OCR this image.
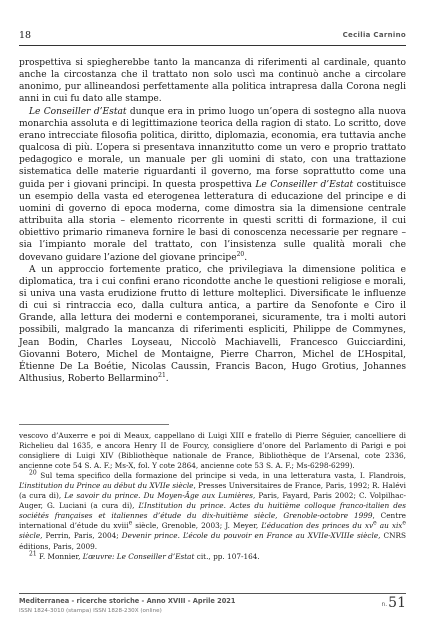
18	Cecilia Carnino

prospettiva si spiegherebbe tanto la mancanza di riferimenti al cardinale, quanto anche la circostanza che il trattato non solo uscì ma continuò anche a circolare anonimo, pur allineandosi perfettamente alla politica intrapresa dalla Corona negli anni in cui fu dato alle stampe.

Le Conseiller d’Estat dunque era in primo luogo un’opera di sostegno alla nuova monarchia assoluta e di legittimazione teorica della ragion di stato. Lo scritto, dove erano intrecciate filosofia politica, diritto, diplomazia, economia, era tuttavia anche qualcosa di più. L’opera si presentava innanzitutto come un vero e proprio trattato pedagogico e morale, un manuale per gli uomini di stato, con una trattazione sistematica delle materie riguardanti il governo, ma forse soprattutto come una guida per i giovani principi. In questa prospettiva Le Conseiller d’Estat costituisce un esempio della vasta ed eterogenea letteratura di educazione del principe e di uomini di governo di epoca moderna, come dimostra sia la dimensione centrale attribuita alla storia – elemento ricorrente in questi scritti di formazione, il cui obiettivo primario rimaneva fornire le basi di conoscenza necessarie per regnare – sia l’impianto morale del trattato, con l’insistenza sulle qualità morali che dovevano guidare l’azione del giovane principe$^{20}$.

A un approccio fortemente pratico, che privilegiava la dimensione politica e diplomatica, tra i cui confini erano ricondotte anche le questioni religiose e morali, si univa una vasta erudizione frutto di letture molteplici. Diversificate le influenze di cui si rintraccia eco, dalla cultura antica, a partire da Senofonte e Ciro il Grande, alla lettura dei moderni e contemporanei, sicuramente, tra i molti autori possibili, malgrado la mancanza di riferimenti espliciti, Philippe de Commynes, Jean Bodin, Charles Loyseau, Niccolò Machiavelli, Francesco Guicciardini, Giovanni Botero, Michel de Montaigne, Pierre Charron, Michel de L’Hospital, Étienne De La Boétie, Nicolas Caussin, Francis Bacon, Hugo Grotius, Johannes Althusius, Roberto Bellarmino$^{21}$.

vescovo d’Auxerre e poi di Meaux, cappellano di Luigi XIII e fratello di Pierre Séguier, cancelliere di Richelieu dal 1635, e ancora Henry II de Fourcy, consigliere d’onore del Parlamento di Parigi e poi consigliere di Luigi XIV (Bibliothèque nationale de France, Bibliothèque de l’Arsenal, cote 2336, ancienne cote 54 S. A. F.; Ms-X, fol. Y cote 2864, ancienne cote 53 S. A. F.; Ms-6298-6299).

$^{20}$ Sul tema specifico della formazione del principe si veda, in una letteratura vasta, I. Flandrois, L’institution du Prince au début du XVIIe siècle, Presses Universitaires de France, Paris, 1992; R. Halévi (a cura di), Le savoir du prince. Du Moyen-Âge aux Lumières, Paris, Fayard, Paris 2002; C. Volpilhac-Auger, G. Luciani (a cura di), L’Institution du prince. Actes du huitième colloque franco-italien des sociétés françaises et italiennes d’étude du dix-huitième siècle, Grenoble-octobre 1999, Centre international d’étude du xviii$^e$ siècle, Grenoble, 2003; J. Meyer, L’éducation des princes du $xv^e$ au xix$^e$ siècle, Perrin, Paris, 2004; Devenir prince. L’école du pouvoir en France au XVIIe-XVIIIe siècle, CNRS éditions, Paris, 2009.

$^{21}$ F. Monnier, L’œuvre: Le Conseiller d’Estat cit., pp. 107-164.

Mediterranea - ricerche storiche - Anno XVIII - Aprile 2021
ISSN 1824-3010 (stampa) ISSN 1828-230X (online)
n. 51
